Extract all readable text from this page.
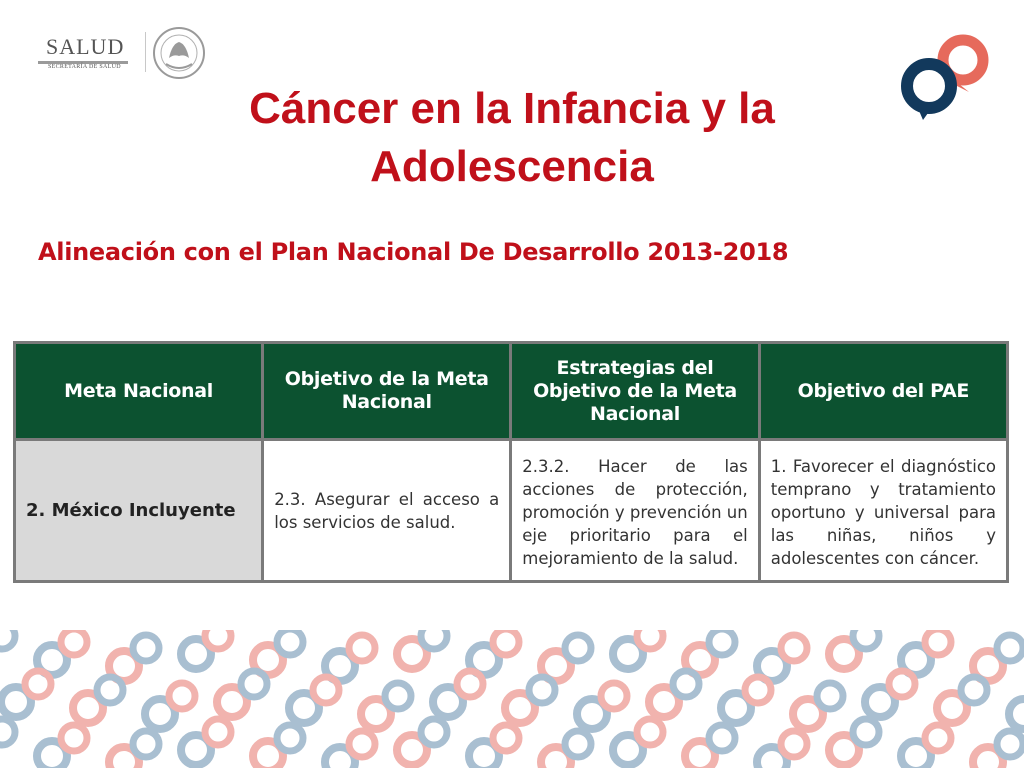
SALUD
SECRETARÍA DE SALUD
Cáncer en la Infancia y la
Adolescencia
Alineación con el Plan Nacional De Desarrollo 2013-2018
Meta Nacional	Objetivo de la Meta Nacional	Estrategias del Objetivo de la Meta Nacional	Objetivo del PAE
2. México Incluyente	2.3. Asegurar el acceso a los servicios de salud.	2.3.2. Hacer de las acciones de protección, promoción y prevención un eje prioritario para el mejoramiento de la salud.	1. Favorecer el diagnóstico temprano y tratamiento oportuno y universal para las niñas, niños y adolescentes con cáncer.
